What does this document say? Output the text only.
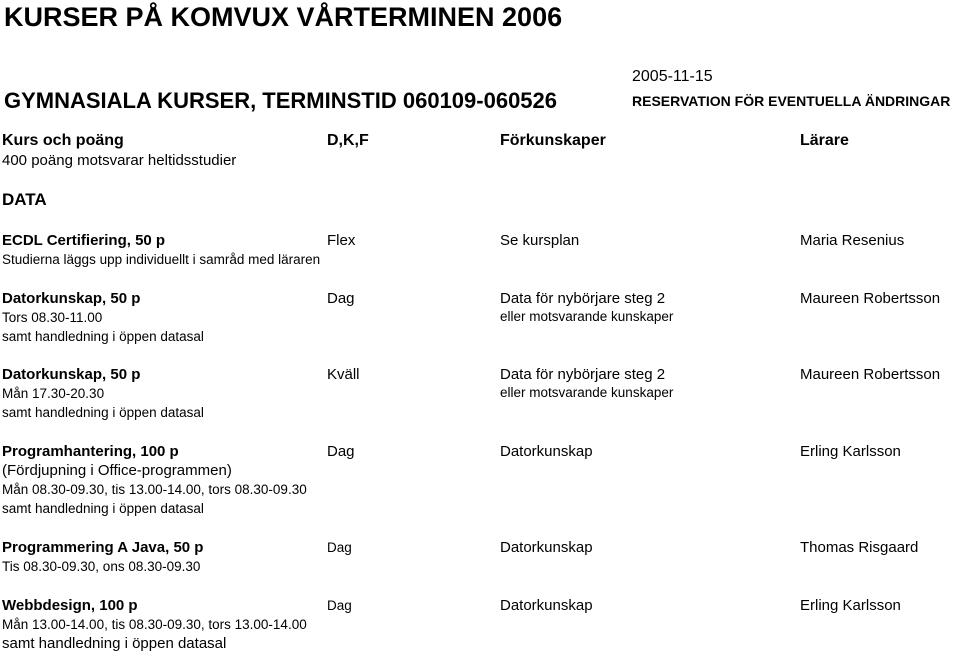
KURSER PÅ KOMVUX VÅRTERMINEN 2006
2005-11-15
GYMNASIALA KURSER, TERMINSTID 060109-060526	RESERVATION FÖR EVENTUELLA ÄNDRINGAR
Kurs och poäng	D,K,F	Förkunskaper	Lärare
400 poäng motsvarar heltidsstudier
DATA
ECDL Certifiering, 50 p	Flex	Se kursplan	Maria Resenius
Studierna läggs upp individuellt i samråd med läraren
Datorkunskap, 50 p	Dag	Data för nybörjare steg 2	Maureen Robertsson
Tors 08.30-11.00	eller motsvarande kunskaper
samt handledning i öppen datasal
Datorkunskap, 50 p	Kväll	Data för nybörjare steg 2	Maureen Robertsson
Mån 17.30-20.30	eller motsvarande kunskaper
samt handledning i öppen datasal
Programhantering, 100 p	Dag	Datorkunskap	Erling Karlsson
(Fördjupning i Office-programmen)
Mån 08.30-09.30, tis 13.00-14.00, tors 08.30-09.30
samt handledning i öppen datasal
Programmering A Java, 50 p	Dag	Datorkunskap	Thomas Risgaard
Tis 08.30-09.30, ons 08.30-09.30
Webbdesign, 100 p	Dag	Datorkunskap	Erling Karlsson
Mån 13.00-14.00, tis 08.30-09.30, tors 13.00-14.00
samt handledning i öppen datasal
